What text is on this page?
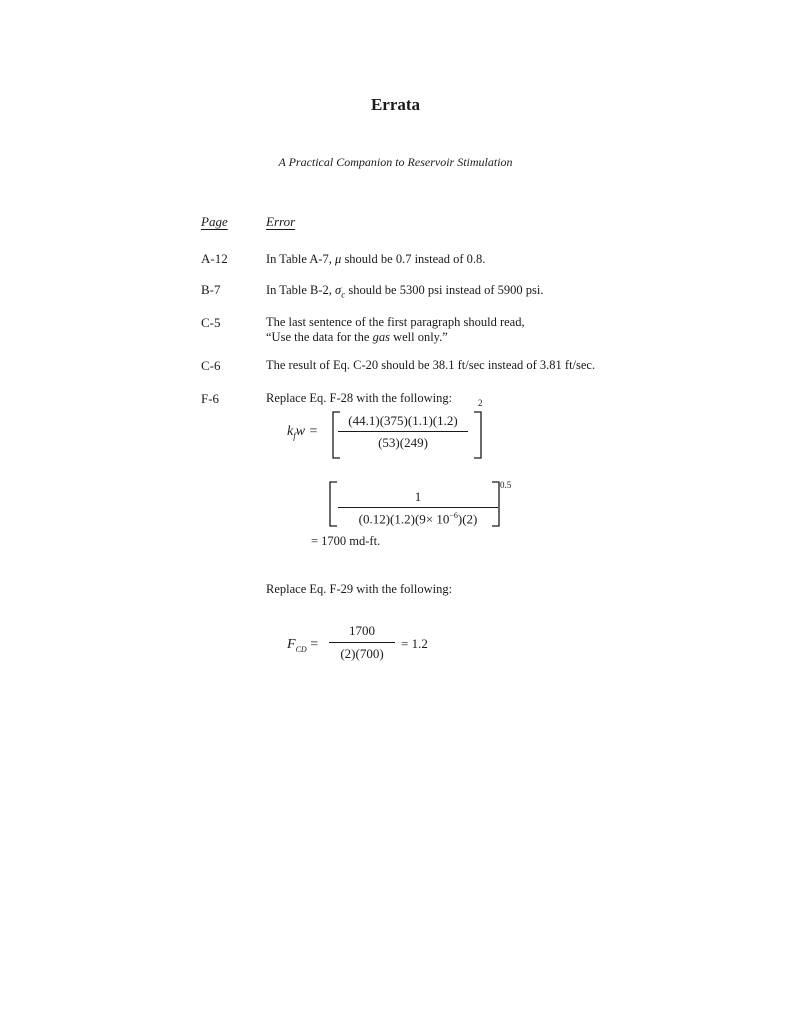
Errata
A Practical Companion to Reservoir Stimulation
Page	Error
A-12	In Table A-7, μ should be 0.7 instead of 0.8.
B-7	In Table B-2, $\sigma_c$ should be 5300 psi instead of 5900 psi.
C-5	The last sentence of the first paragraph should read,
“Use the data for the gas well only.”
C-6	The result of Eq. C-20 should be 38.1 ft/sec instead of 3.81 ft/sec.
F-6	Replace Eq. F-28 with the following:
$k_fw$ =
2
$\frac{(44.1)(375)(1.1)(1.2)}{(53)(249)}$
0.5
$\frac{1}{(0.12)(1.2)(9\times 10^{-6})(2)}$
= 1700 md-ft.
Replace Eq. F-29 with the following:
$F_{CD} = \frac{1700}{(2)(700)} = 1.2$
